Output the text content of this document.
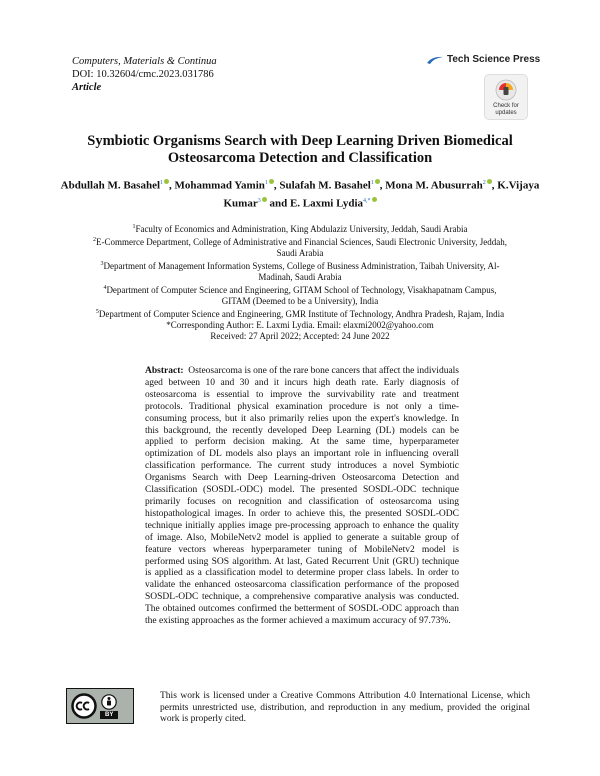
Computers, Materials & Continua
DOI: 10.32604/cmc.2023.031786
Article
Tech Science Press
Check for
updates
Symbiotic Organisms Search with Deep Learning Driven Biomedical Osteosarcoma Detection and Classification
Abdullah M. Basahel$^1$ , Mohammad Yamin$^1$ , Sulafah M. Basahel$^1$ , Mona M. Abusurrah$^2$ , K.Vijaya Kumar$^3$ and E. Laxmi Lydia$^{4,*}$

$^1$Faculty of Economics and Administration, King Abdulaziz University, Jeddah, Saudi Arabia

$^2$E-Commerce Department, College of Administrative and Financial Sciences, Saudi Electronic University, Jeddah, Saudi Arabia

$^3$Department of Management Information Systems, College of Business Administration, Taibah University, Al-Madinah, Saudi Arabia

$^4$Department of Computer Science and Engineering, GITAM School of Technology, Visakhapatnam Campus, GITAM (Deemed to be a University), India

$^5$Department of Computer Science and Engineering, GMR Institute of Technology, Andhra Pradesh, Rajam, India

*Corresponding Author: E. Laxmi Lydia. Email: elaxmi2002@yahoo.com

Received: 27 April 2022; Accepted: 24 June 2022

Abstract: Osteosarcoma is one of the rare bone cancers that affect the individuals aged between 10 and 30 and it incurs high death rate. Early diagnosis of osteosarcoma is essential to improve the survivability rate and treatment protocols. Traditional physical examination procedure is not only a time-consuming process, but it also primarily relies upon the expert's knowledge. In this background, the recently developed Deep Learning (DL) models can be applied to perform decision making. At the same time, hyperparameter optimization of DL models also plays an important role in influencing overall classification performance. The current study introduces a novel Symbiotic Organisms Search with Deep Learning-driven Osteosarcoma Detection and Classification (SOSDL-ODC) model. The presented SOSDL-ODC technique primarily focuses on recognition and classification of osteosarcoma using histopathological images. In order to achieve this, the presented SOSDL-ODC technique initially applies image pre-processing approach to enhance the quality of image. Also, MobileNetv2 model is applied to generate a suitable group of feature vectors whereas hyperparameter tuning of MobileNetv2 model is performed using SOS algorithm. At last, Gated Recurrent Unit (GRU) technique is applied as a classification model to determine proper class labels. In order to validate the enhanced osteosarcoma classification performance of the proposed SOSDL-ODC technique, a comprehensive comparative analysis was conducted. The obtained outcomes confirmed the betterment of SOSDL-ODC approach than the existing approaches as the former achieved a maximum accuracy of 97.73%.
BY
This work is licensed under a Creative Commons Attribution 4.0 International License, which permits unrestricted use, distribution, and reproduction in any medium, provided the original work is properly cited.
